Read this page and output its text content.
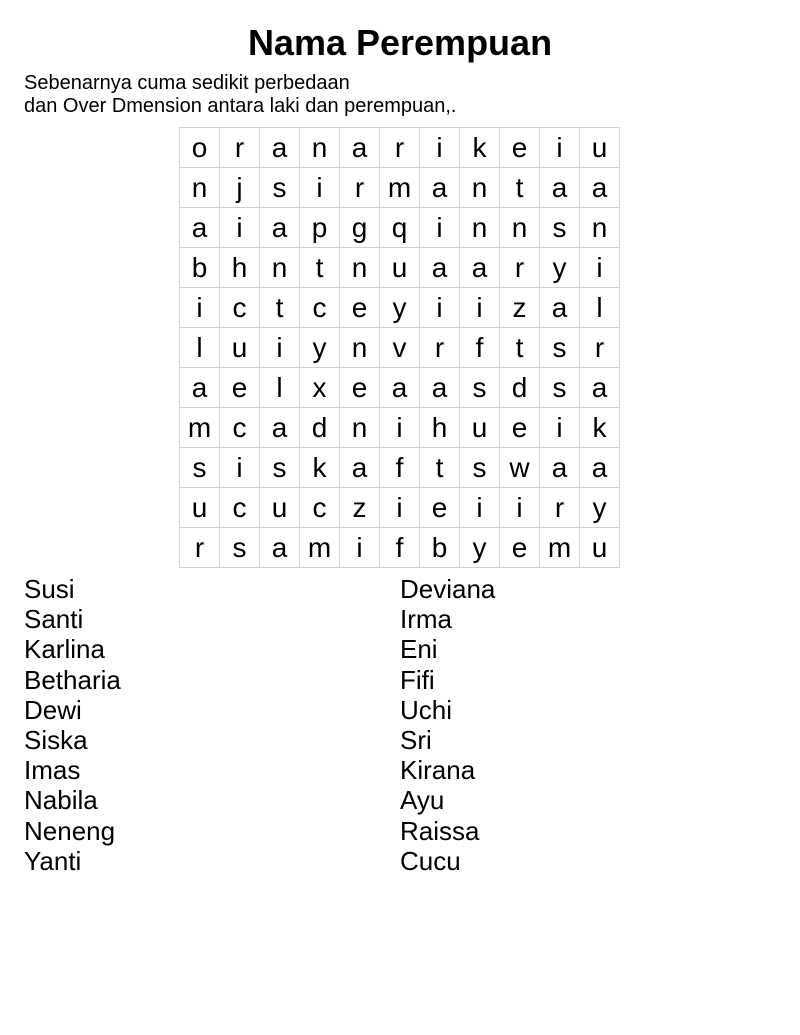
Nama Perempuan
Sebenarnya cuma sedikit perbedaan
dan Over Dmension antara laki dan perempuan,.
o	r	a	n	a	r	i	k	e	i	u
n	j	s	i	r	m	a	n	t	a	a
a	i	a	p	g	q	i	n	n	s	n
b	h	n	t	n	u	a	a	r	y	i
i	c	t	c	e	y	i	i	z	a	l
l	u	i	y	n	v	r	f	t	s	r
a	e	l	x	e	a	a	s	d	s	a
m	c	a	d	n	i	h	u	e	i	k
s	i	s	k	a	f	t	s	w	a	a
u	c	u	c	z	i	e	i	i	r	y
r	s	a	m	i	f	b	y	e	m	u
Susi
Santi
Karlina
Betharia
Dewi
Siska
Imas
Nabila
Neneng
Yanti
Deviana
Irma
Eni
Fifi
Uchi
Sri
Kirana
Ayu
Raissa
Cucu
